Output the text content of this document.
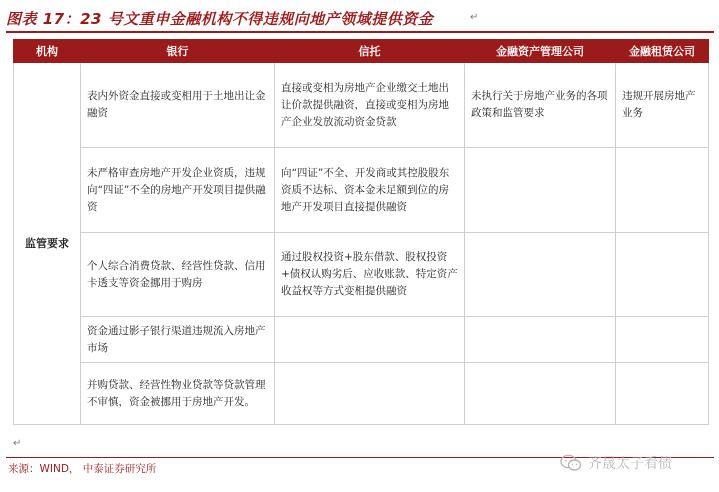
图表 17：23 号文重申金融机构不得违规向地产领域提供资金	↵
机构	银行	信托	金融资产管理公司	金融租赁公司
监管要求	表内外资金直接或变相用于土地出让金融资	直接或变相为房地产企业缴交土地出让价款提供融资，直接或变相为房地产企业发放流动资金贷款	未执行关于房地产业务的各项政策和监管要求	违规开展房地产业务
	未严格审查房地产开发企业资质，违规向“四证”不全的房地产开发项目提供融资	向“四证”不全、开发商或其控股股东资质不达标、资本金未足额到位的房地产开发项目直接提供融资		
	个人综合消费贷款、经营性贷款、信用卡透支等资金挪用于购房	通过股权投资+股东借款、股权投资+债权认购劣后、应收账款、特定资产收益权等方式变相提供融资		
	资金通过影子银行渠道违规流入房地产市场			
	并购贷款、经营性物业贷款等贷款管理不审慎，资金被挪用于房地产开发。			
↵
来源：WIND， 中泰证券研究所	齐晟太子看债
